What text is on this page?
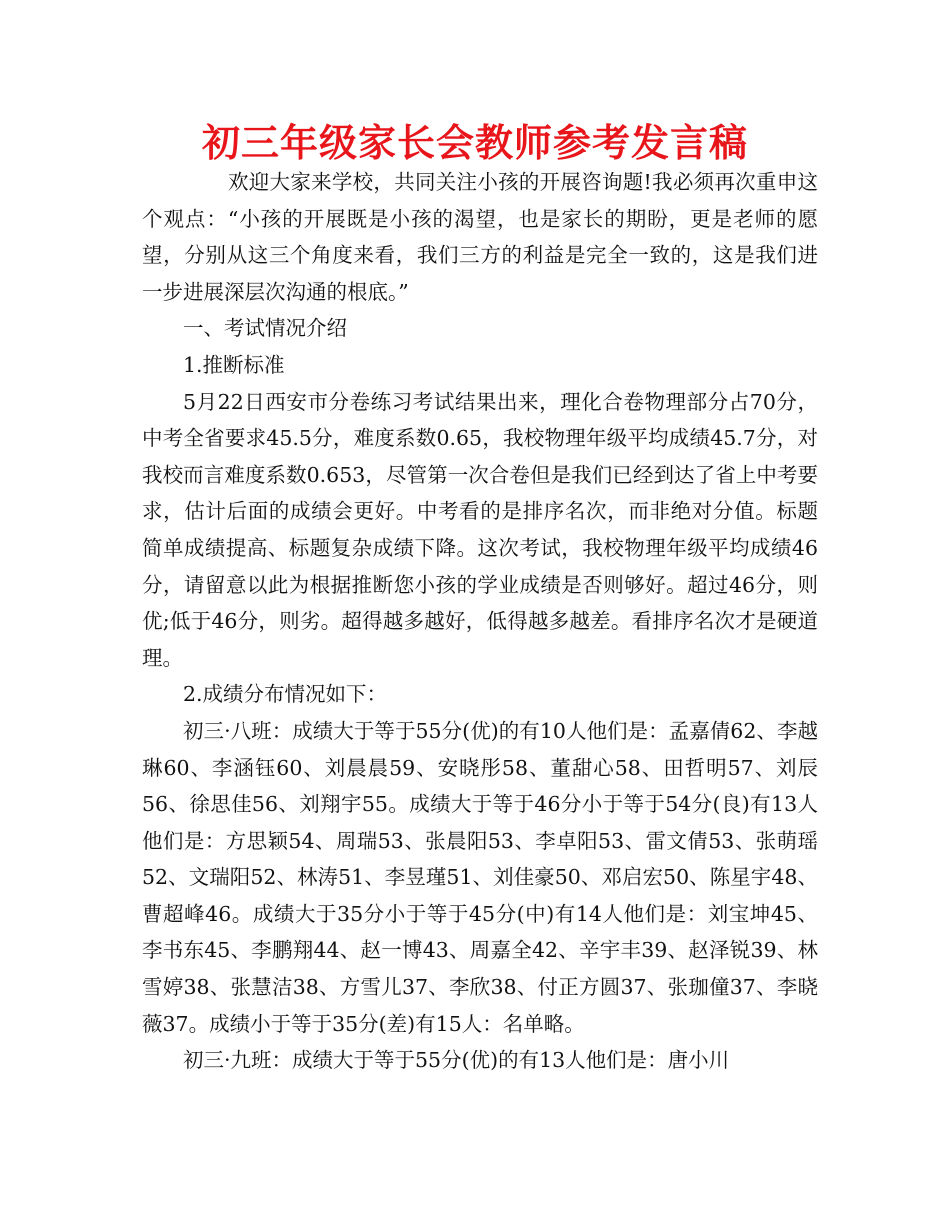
初三年级家长会教师参考发言稿

欢迎大家来学校，共同关注小孩的开展咨询题!我必须再次重申这个观点：“小孩的开展既是小孩的渴望，也是家长的期盼，更是老师的愿望，分别从这三个角度来看，我们三方的利益是完全一致的，这是我们进一步进展深层次沟通的根底。”

一、考试情况介绍

1.推断标准

5月22日西安市分卷练习考试结果出来，理化合卷物理部分占70分，中考全省要求45.5分，难度系数0.65，我校物理年级平均成绩45.7分，对我校而言难度系数0.653，尽管第一次合卷但是我们已经到达了省上中考要求，估计后面的成绩会更好。中考看的是排序名次，而非绝对分值。标题简单成绩提高、标题复杂成绩下降。这次考试，我校物理年级平均成绩46分，请留意以此为根据推断您小孩的学业成绩是否则够好。超过46分，则优;低于46分，则劣。超得越多越好，低得越多越差。看排序名次才是硬道理。

2.成绩分布情况如下：

初三·八班：成绩大于等于55分(优)的有10人他们是：孟嘉倩62、李越琳60、李涵钰60、刘晨晨59、安晓彤58、董甜心58、田哲明57、刘辰56、徐思佳56、刘翔宇55。成绩大于等于46分小于等于54分(良)有13人他们是：方思颖54、周瑞53、张晨阳53、李卓阳53、雷文倩53、张萌瑶52、文瑞阳52、林涛51、李昱瑾51、刘佳豪50、邓启宏50、陈星宇48、曹超峰46。成绩大于35分小于等于45分(中)有14人他们是：刘宝坤45、李书东45、李鹏翔44、赵一博43、周嘉全42、辛宇丰39、赵泽锐39、林雪婷38、张慧洁38、方雪儿37、李欣38、付正方圆37、张珈僮37、李晓薇37。成绩小于等于35分(差)有15人：名单略。

初三·九班：成绩大于等于55分(优)的有13人他们是：唐小川
